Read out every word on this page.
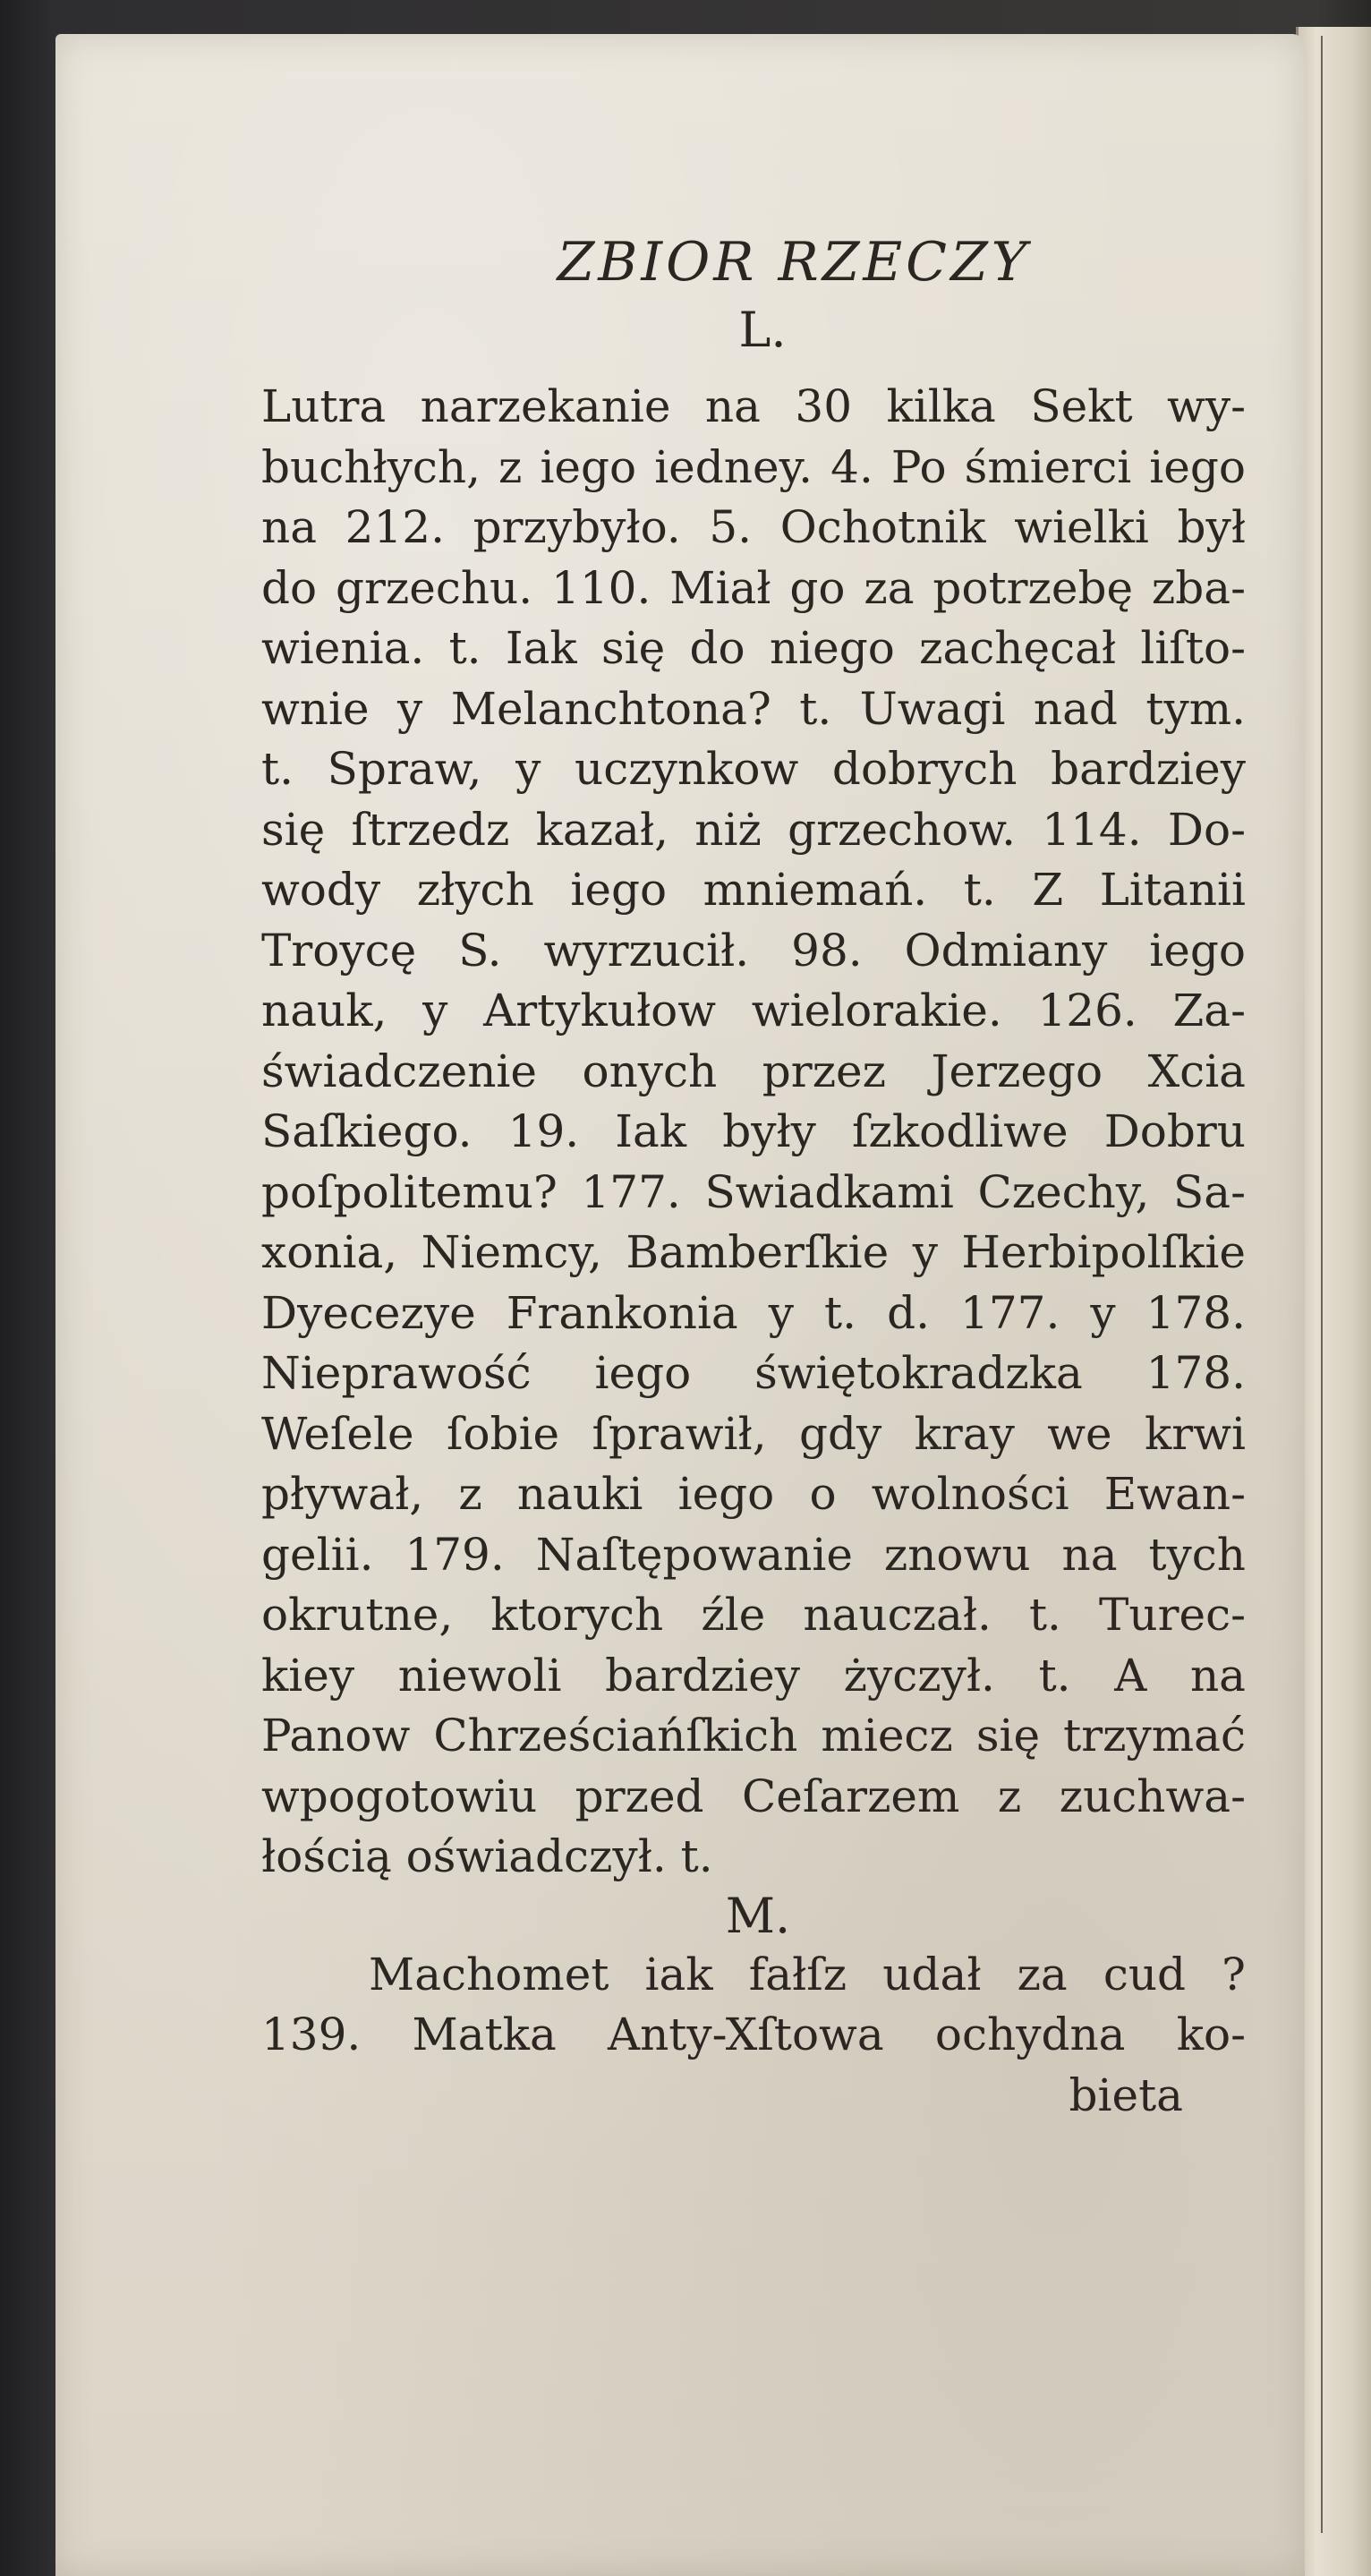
ZBIOR RZECZY
L.
Lutra narzekanie na 30 kilka Sekt wy-
buchłych, z iego iedney. 4. Po śmierci iego
na 212. przybyło. 5. Ochotnik wielki był
do grzechu. 110. Miał go za potrzebę zba-
wienia. t. Iak się do niego zachęcał liſto-
wnie y Melanchtona? t. Uwagi nad tym.
t. Spraw, y uczynkow dobrych bardziey
się ſtrzedz kazał, niż grzechow. 114. Do-
wody złych iego mniemań. t. Z Litanii
Troycę S. wyrzucił. 98. Odmiany iego
nauk, y Artykułow wielorakie. 126. Za-
świadczenie onych przez Jerzego Xcia
Saſkiego. 19. Iak były ſzkodliwe Dobru
poſpolitemu? 177. Swiadkami Czechy, Sa-
xonia, Niemcy, Bamberſkie y Herbipolſkie
Dyecezye Frankonia y t. d. 177. y 178.
Nieprawość iego świętokradzka 178.
Weſele ſobie ſprawił, gdy kray we krwi
pływał, z nauki iego o wolności Ewan-
gelii. 179. Naſtępowanie znowu na tych
okrutne, ktorych źle nauczał. t. Turec-
kiey niewoli bardziey życzył. t. A na
Panow Chrześciańſkich miecz się trzymać
wpogotowiu przed Ceſarzem z zuchwa-
łością oświadczył. t.
M.
Machomet iak fałſz udał za cud ?
139. Matka Anty-Xſtowa ochydna ko-
bieta
